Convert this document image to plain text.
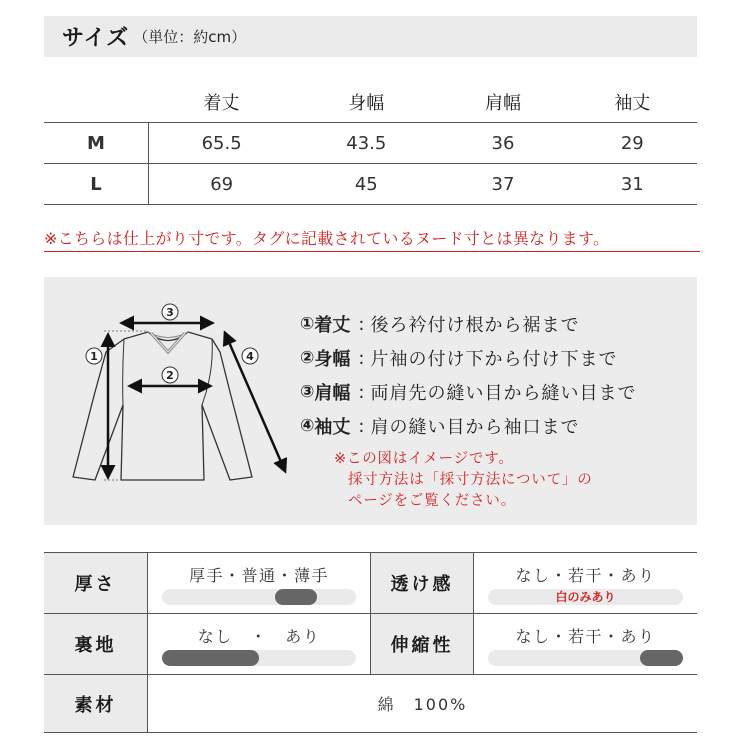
サイズ （単位：約cm）
	着丈	身幅	肩幅	袖丈
M	65.5	43.5	36	29
L	69	45	37	31
※こちらは仕上がり寸です。タグに記載されているヌード寸とは異なります。
1
2
3
4
① 着丈 : 後ろ衿付け根から裾まで
② 身幅 : 片袖の付け下から付け下まで
③ 肩幅 : 両肩先の縫い目から縫い目まで
④ 袖丈 : 肩の縫い目から袖口まで
※この図はイメージです。
採寸方法は「採寸方法について」の
ページをご覧ください。
厚さ	厚手・普通・薄手	透け感	なし・若干・あり
白のみあり
裏地	なし　・　あり	伸縮性	なし・若干・あり
素材	綿　100%
